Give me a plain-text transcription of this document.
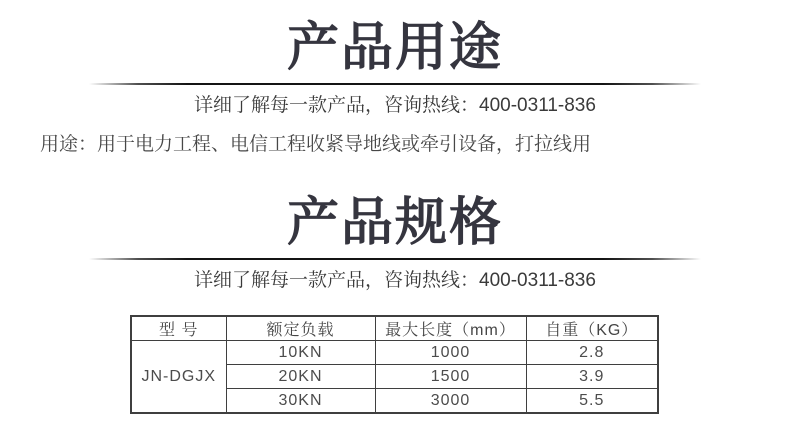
产品用途

详细了解每一款产品，咨询热线：400-0311-836

用途：用于电力工程、电信工程收紧导地线或牵引设备，打拉线用

产品规格

详细了解每一款产品，咨询热线：400-0311-836

型 号	额定负载	最大长度（mm）	自重（KG）
JN-DGJX	10KN	1000	2.8
	20KN	1500	3.9
	30KN	3000	5.5
